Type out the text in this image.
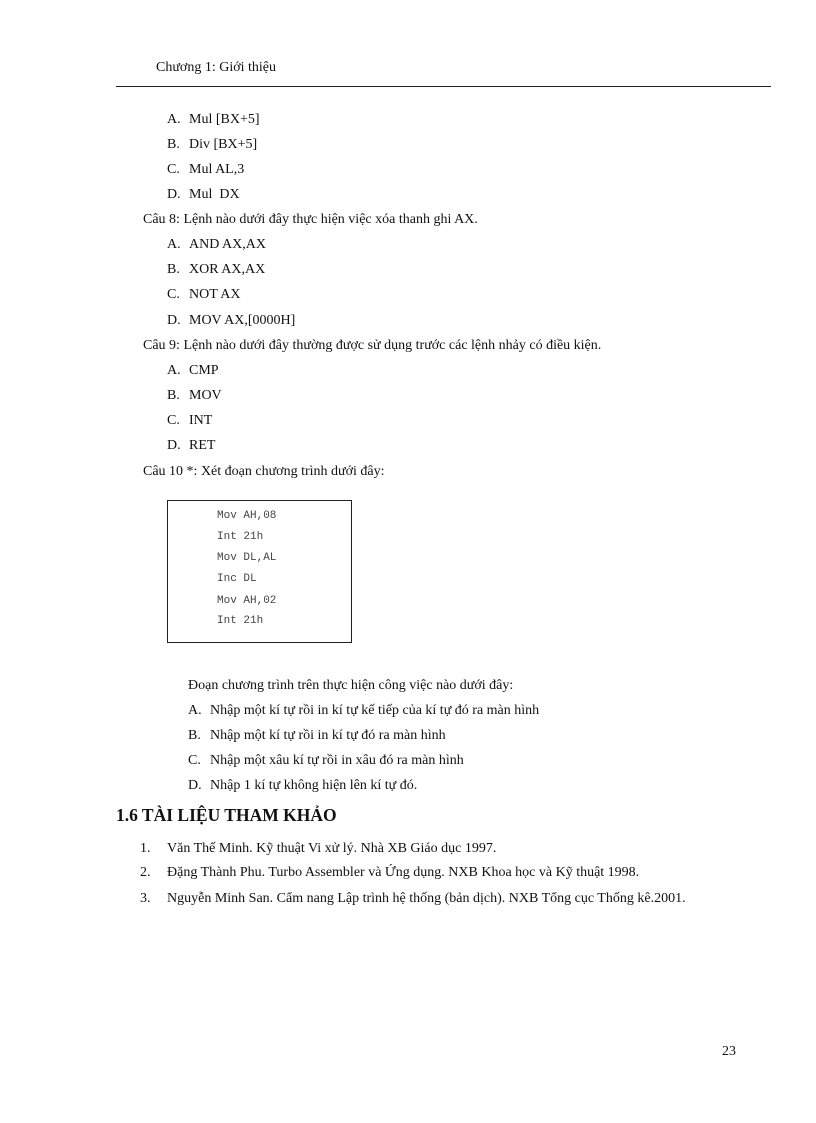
Chương 1: Giới thiệu
A. Mul [BX+5]
B. Div [BX+5]
C. Mul AL,3
D. Mul  DX
Câu 8: Lệnh nào dưới đây thực hiện việc xóa thanh ghi AX.
A. AND AX,AX
B. XOR AX,AX
C. NOT AX
D. MOV AX,[0000H]
Câu 9: Lệnh nào dưới đây thường được sử dụng trước các lệnh nhảy có điều kiện.
A. CMP
B. MOV
C. INT
D. RET
Câu 10 *: Xét đoạn chương trình dưới đây:
Mov AH,08
Int 21h
Mov DL,AL
Inc DL
Mov AH,02
Int 21h
Đoạn chương trình trên thực hiện công việc nào dưới đây:
A. Nhập một kí tự rồi in kí tự kế tiếp của kí tự đó ra màn hình
B. Nhập một kí tự rồi in kí tự đó ra màn hình
C. Nhập một xâu kí tự rồi in xâu đó ra màn hình
D. Nhập 1 kí tự không hiện lên kí tự đó.
1.6 TÀI LIỆU THAM KHẢO
1. Văn Thế Minh. Kỹ thuật Vi xử lý. Nhà XB Giáo dục 1997.
2. Đặng Thành Phu. Turbo Assembler và Ứng dụng. NXB Khoa học và Kỹ thuật 1998.
3. Nguyễn Minh San. Cẩm nang Lập trình hệ thống (bản dịch). NXB Tổng cục Thống kê.2001.
23
